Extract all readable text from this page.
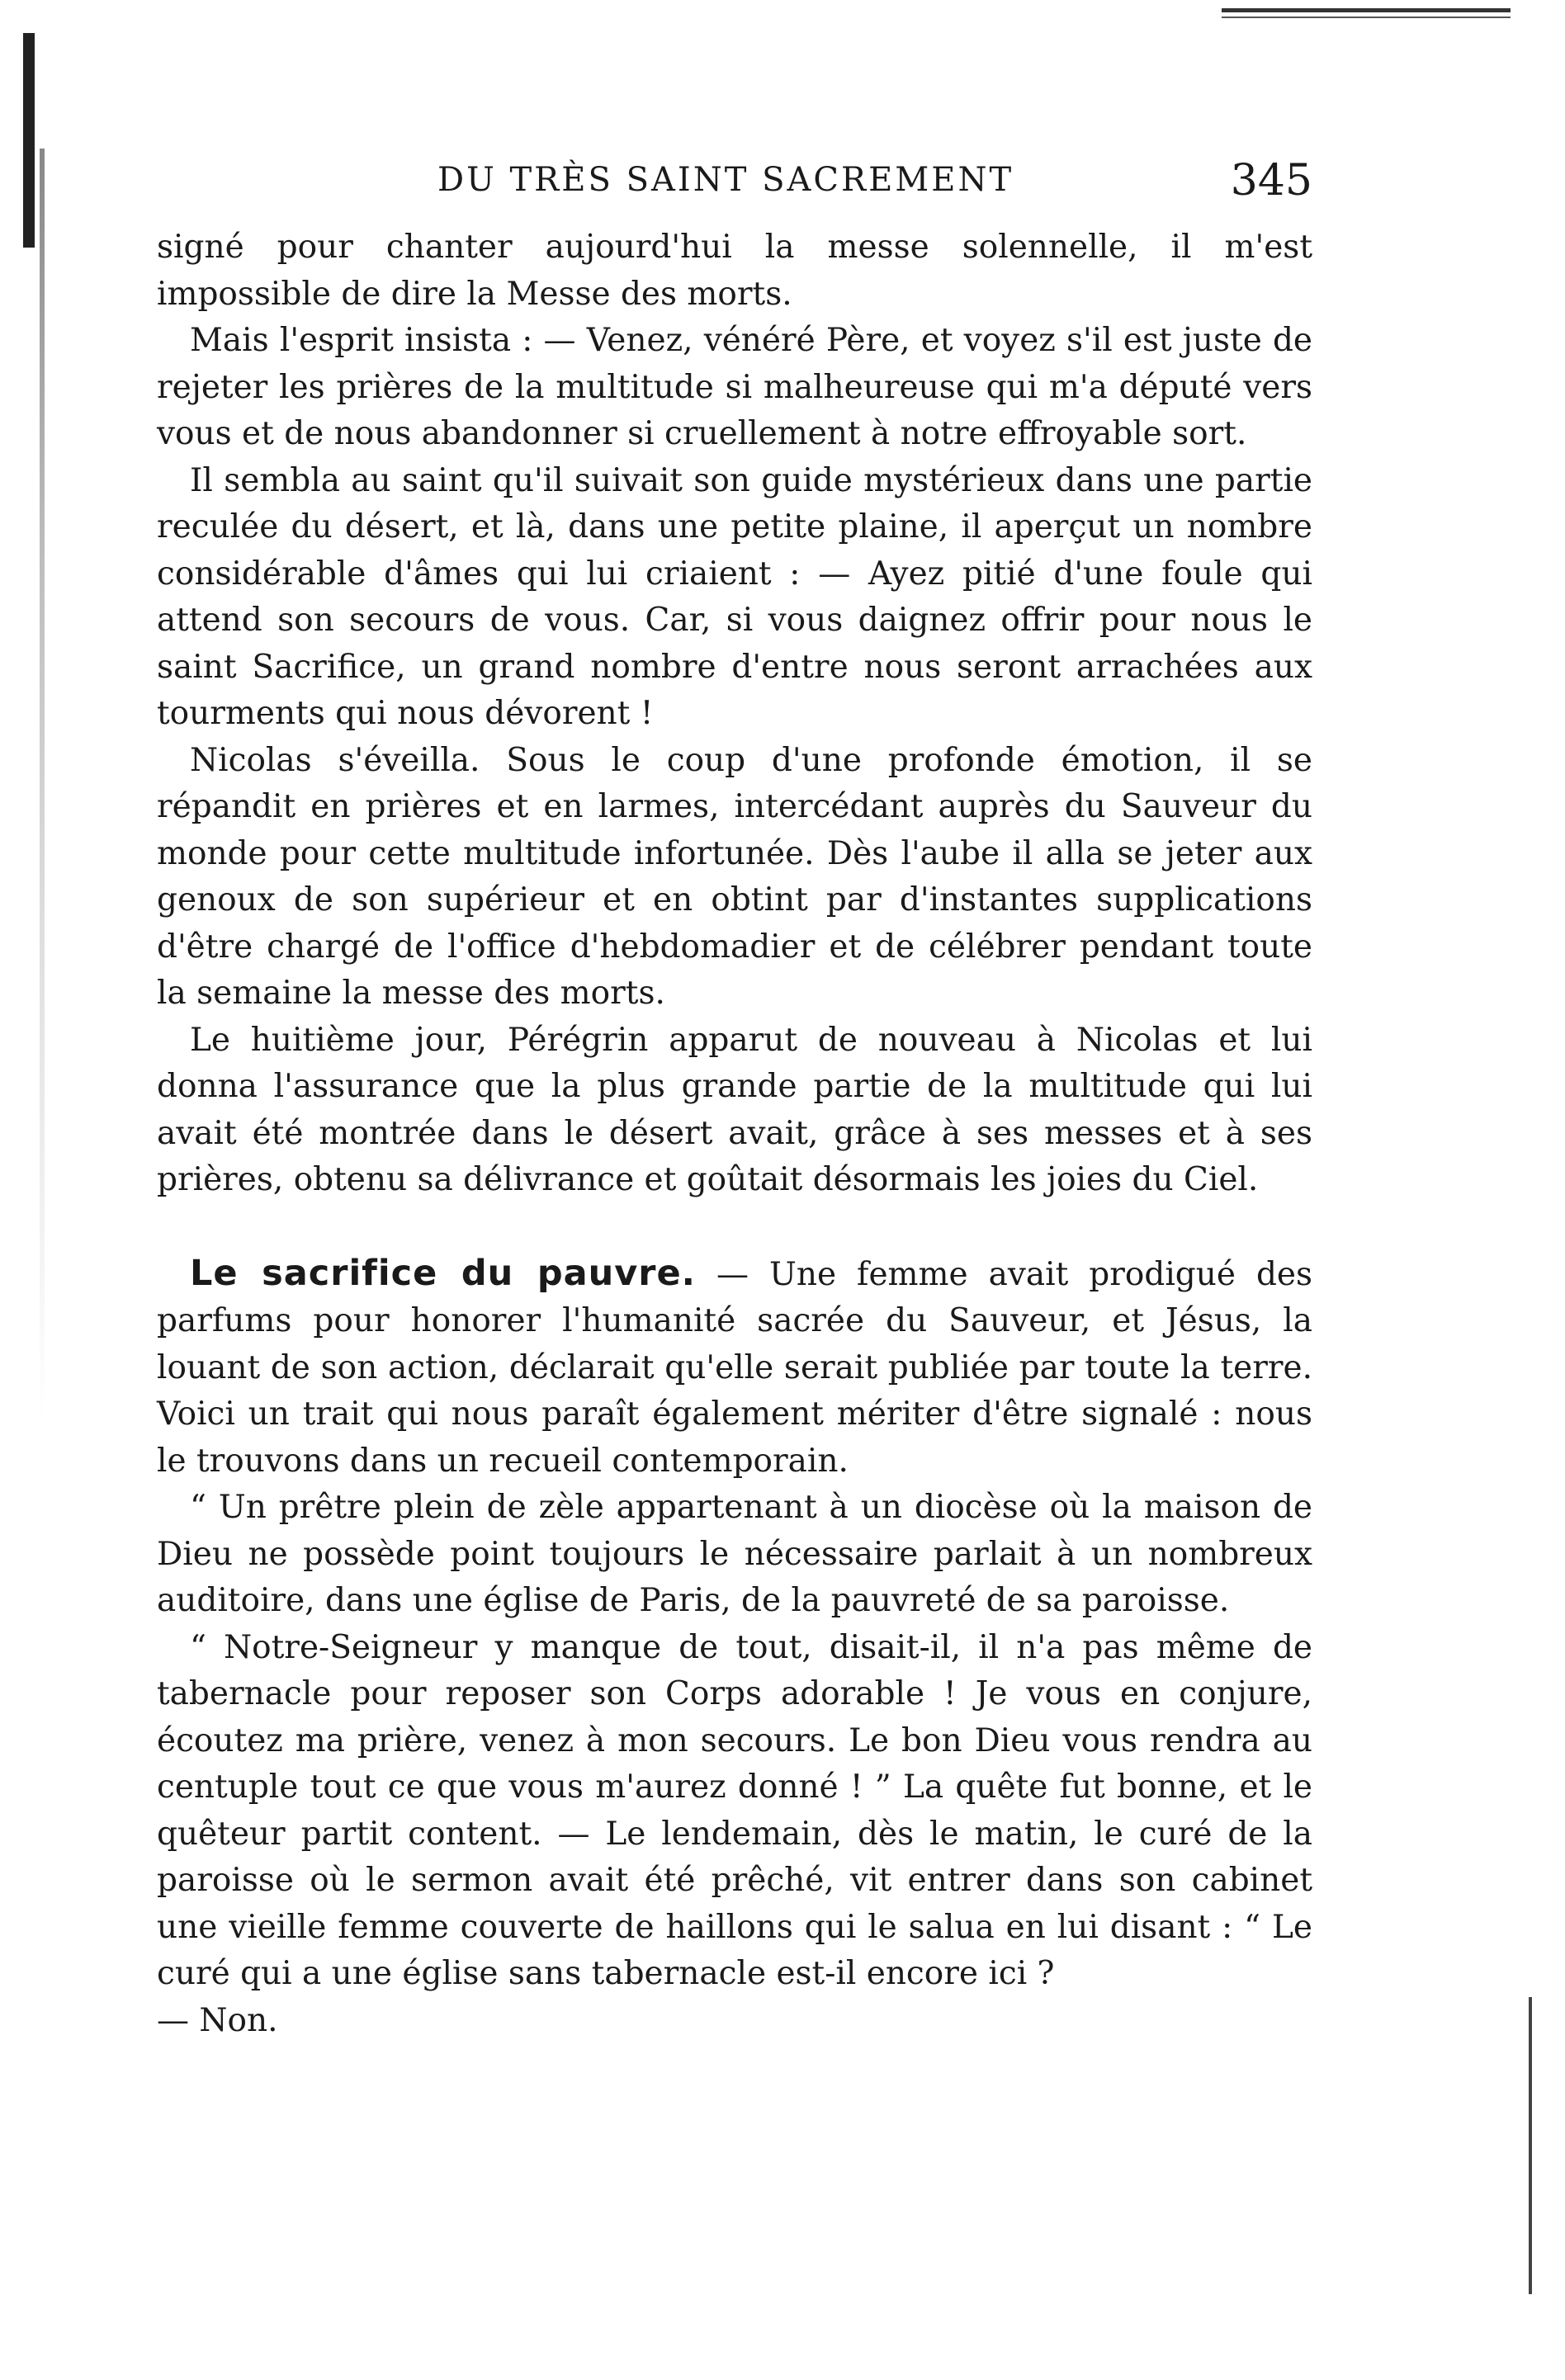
DU TRÈS SAINT SACREMENT	345

signé pour chanter aujourd'hui la messe solennelle, il m'est impossible de dire la Messe des morts.

Mais l'esprit insista : — Venez, vénéré Père, et voyez s'il est juste de rejeter les prières de la multitude si malheureuse qui m'a député vers vous et de nous abandonner si cruellement à notre effroyable sort.

Il sembla au saint qu'il suivait son guide mystérieux dans une partie reculée du désert, et là, dans une petite plaine, il aperçut un nombre considérable d'âmes qui lui criaient : — Ayez pitié d'une foule qui attend son secours de vous. Car, si vous daignez offrir pour nous le saint Sacrifice, un grand nombre d'entre nous seront arrachées aux tourments qui nous dévorent !

Nicolas s'éveilla. Sous le coup d'une profonde émotion, il se répandit en prières et en larmes, intercédant auprès du Sauveur du monde pour cette multitude infortunée. Dès l'aube il alla se jeter aux genoux de son supérieur et en obtint par d'instantes supplications d'être chargé de l'office d'hebdomadier et de célébrer pendant toute la semaine la messe des morts.

Le huitième jour, Pérégrin apparut de nouveau à Nicolas et lui donna l'assurance que la plus grande partie de la multitude qui lui avait été montrée dans le désert avait, grâce à ses messes et à ses prières, obtenu sa délivrance et goûtait désormais les joies du Ciel.

Le sacrifice du pauvre. — Une femme avait prodigué des parfums pour honorer l'humanité sacrée du Sauveur, et Jésus, la louant de son action, déclarait qu'elle serait publiée par toute la terre. Voici un trait qui nous paraît également mériter d'être signalé : nous le trouvons dans un recueil contemporain.

“ Un prêtre plein de zèle appartenant à un diocèse où la maison de Dieu ne possède point toujours le nécessaire parlait à un nombreux auditoire, dans une église de Paris, de la pauvreté de sa paroisse.

“ Notre-Seigneur y manque de tout, disait-il, il n'a pas même de tabernacle pour reposer son Corps adorable ! Je vous en conjure, écoutez ma prière, venez à mon secours. Le bon Dieu vous rendra au centuple tout ce que vous m'aurez donné ! ” La quête fut bonne, et le quêteur partit content. — Le lendemain, dès le matin, le curé de la paroisse où le sermon avait été prêché, vit entrer dans son cabinet une vieille femme couverte de haillons qui le salua en lui disant : “ Le curé qui a une église sans tabernacle est-il encore ici ?

— Non.
